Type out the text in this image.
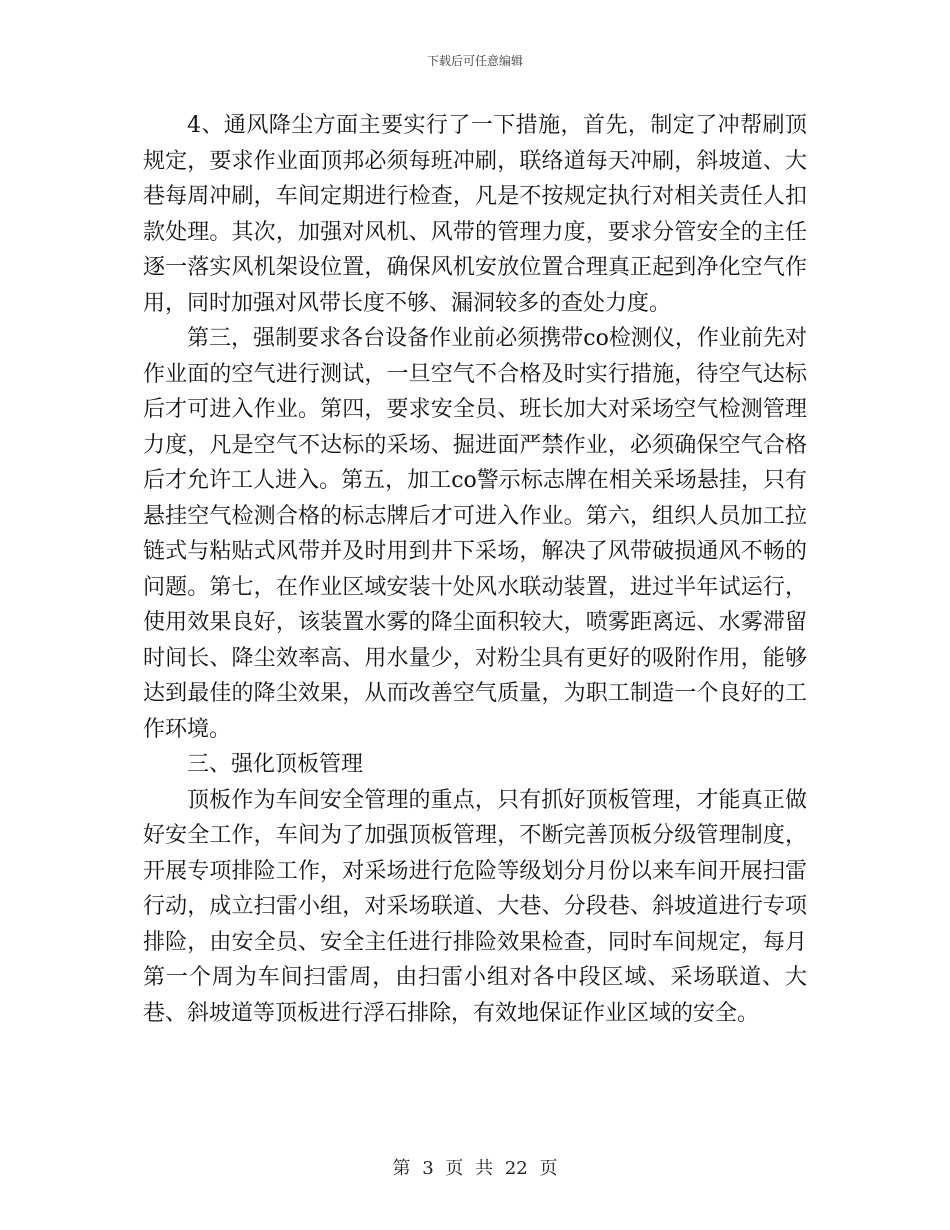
下载后可任意编辑

4、通风降尘方面主要实行了一下措施，首先，制定了冲帮刷顶规定，要求作业面顶邦必须每班冲刷，联络道每天冲刷，斜坡道、大巷每周冲刷，车间定期进行检查，凡是不按规定执行对相关责任人扣款处理。其次，加强对风机、风带的管理力度，要求分管安全的主任逐一落实风机架设位置，确保风机安放位置合理真正起到净化空气作用，同时加强对风带长度不够、漏洞较多的查处力度。

第三，强制要求各台设备作业前必须携带co检测仪，作业前先对作业面的空气进行测试，一旦空气不合格及时实行措施，待空气达标后才可进入作业。第四，要求安全员、班长加大对采场空气检测管理力度，凡是空气不达标的采场、掘进面严禁作业，必须确保空气合格后才允许工人进入。第五，加工co警示标志牌在相关采场悬挂，只有悬挂空气检测合格的标志牌后才可进入作业。第六，组织人员加工拉链式与粘贴式风带并及时用到井下采场，解决了风带破损通风不畅的问题。第七，在作业区域安装十处风水联动装置，进过半年试运行，使用效果良好，该装置水雾的降尘面积较大，喷雾距离远、水雾滞留时间长、降尘效率高、用水量少，对粉尘具有更好的吸附作用，能够达到最佳的降尘效果，从而改善空气质量，为职工制造一个良好的工作环境。

三、强化顶板管理

顶板作为车间安全管理的重点，只有抓好顶板管理，才能真正做好安全工作，车间为了加强顶板管理，不断完善顶板分级管理制度，开展专项排险工作，对采场进行危险等级划分月份以来车间开展扫雷行动，成立扫雷小组，对采场联道、大巷、分段巷、斜坡道进行专项排险，由安全员、安全主任进行排险效果检查，同时车间规定，每月第一个周为车间扫雷周，由扫雷小组对各中段区域、采场联道、大巷、斜坡道等顶板进行浮石排除，有效地保证作业区域的安全。

第 3 页 共 22 页
